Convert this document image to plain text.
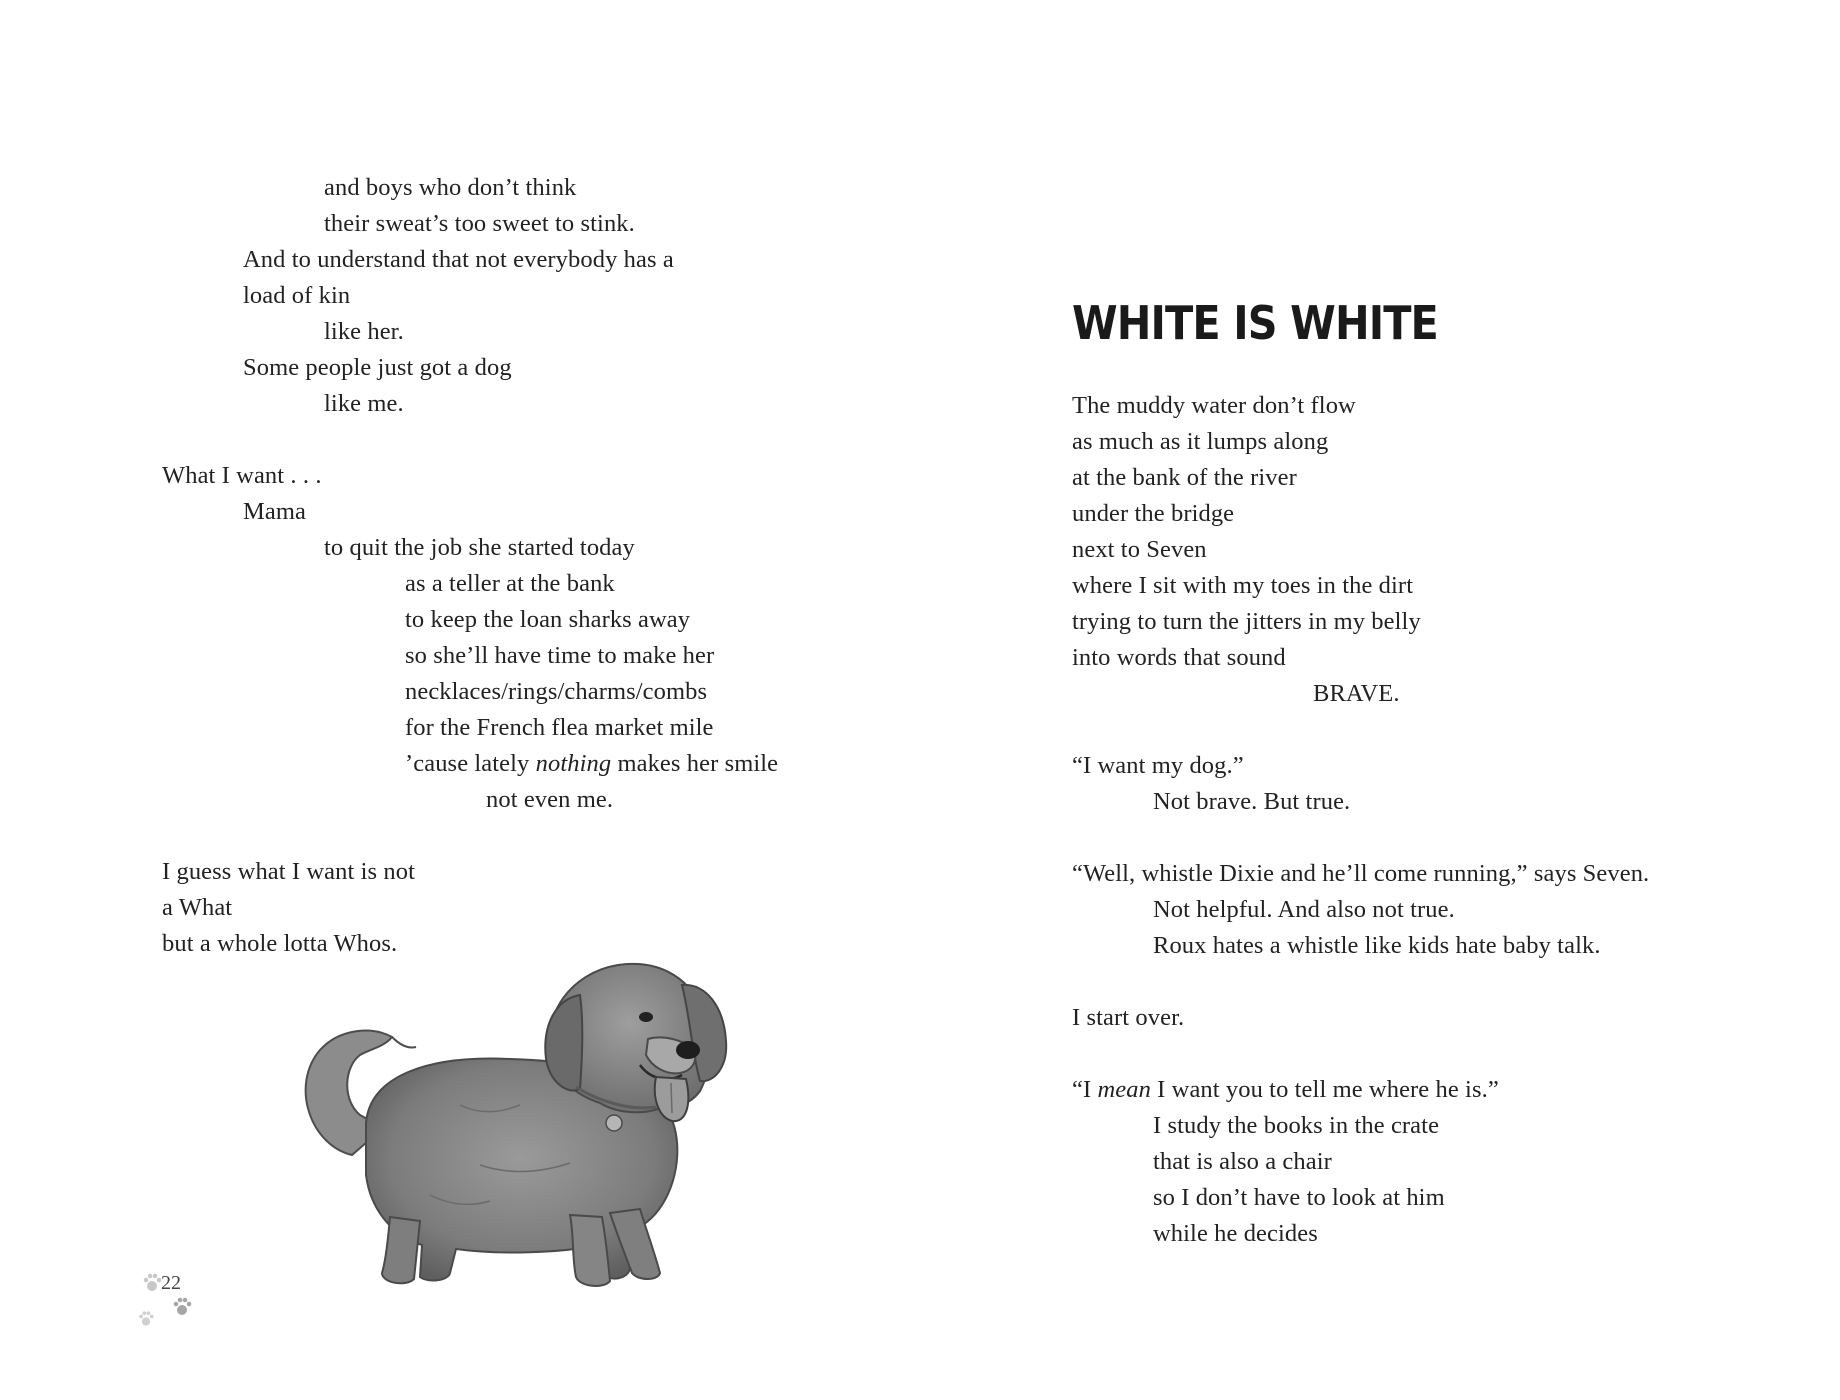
and boys who don’t think
their sweat’s too sweet to stink.
And to understand that not everybody has a
load of kin
like her.
Some people just got a dog
like me.
What I want . . .
Mama
to quit the job she started today
as a teller at the bank
to keep the loan sharks away
so she’ll have time to make her
necklaces/rings/charms/combs
for the French flea market mile
’cause lately nothing makes her smile
not even me.
I guess what I want is not
a What
but a whole lotta Whos.
22
WHITE IS WHITE
The muddy water don’t flow
as much as it lumps along
at the bank of the river
under the bridge
next to Seven
where I sit with my toes in the dirt
trying to turn the jitters in my belly
into words that sound
BRAVE.
“I want my dog.”
Not brave. But true.
“Well, whistle Dixie and he’ll come running,” says Seven.
Not helpful. And also not true.
Roux hates a whistle like kids hate baby talk.
I start over.
“I mean I want you to tell me where he is.”
I study the books in the crate
that is also a chair
so I don’t have to look at him
while he decides
